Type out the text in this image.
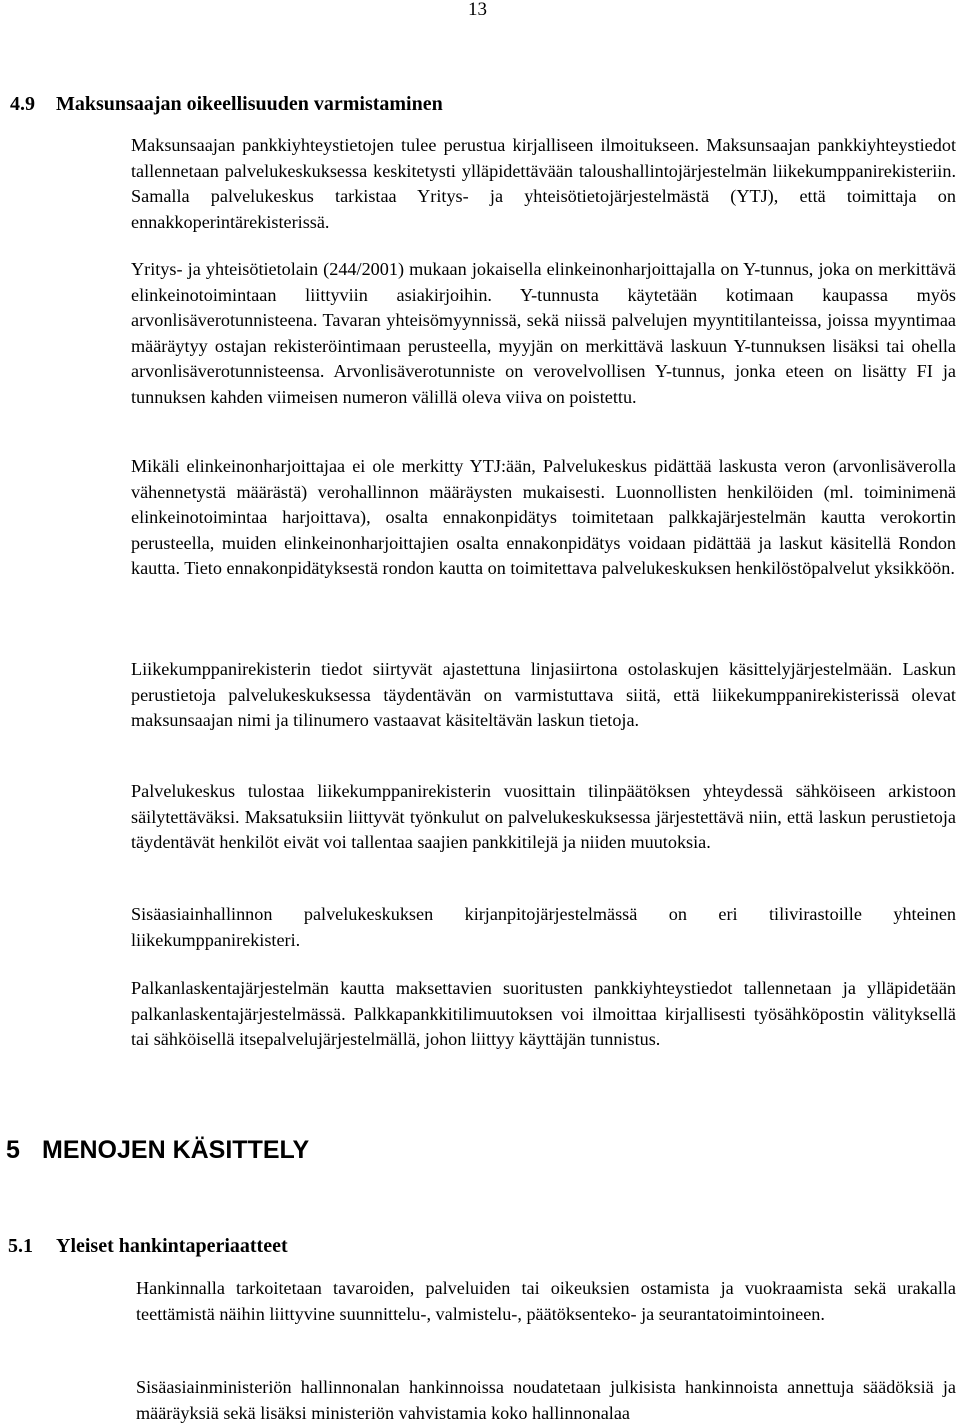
13
4.9 Maksunsaajan oikeellisuuden varmistaminen

Maksunsaajan pankkiyhteystietojen tulee perustua kirjalliseen ilmoitukseen. Maksunsaajan pankkiyhteystiedot tallennetaan palvelukeskuksessa keskitetysti ylläpidettävään taloushallintojärjestelmän liikekumppanirekisteriin. Samalla palvelukeskus tarkistaa Yritys- ja yhteisötietojärjestelmästä (YTJ), että toimittaja on ennakkoperintärekisterissä.

Yritys- ja yhteisötietolain (244/2001) mukaan jokaisella elinkeinonharjoittajalla on Y-tunnus, joka on merkittävä elinkeinotoimintaan liittyviin asiakirjoihin. Y-tunnusta käytetään kotimaan kaupassa myös arvonlisäverotunnisteena. Tavaran yhteisömyynnissä, sekä niissä palvelujen myyntitilanteissa, joissa myyntimaa määräytyy ostajan rekisteröintimaan perusteella, myyjän on merkittävä laskuun Y-tunnuksen lisäksi tai ohella arvonlisäverotunnisteensa. Arvonlisäverotunniste on verovelvollisen Y-tunnus, jonka eteen on lisätty FI ja tunnuksen kahden viimeisen numeron välillä oleva viiva on poistettu.

Mikäli elinkeinonharjoittajaa ei ole merkitty YTJ:ään, Palvelukeskus pidättää laskusta veron (arvonlisäverolla vähennetystä määrästä) verohallinnon määräysten mukaisesti. Luonnollisten henkilöiden (ml. toiminimenä elinkeinotoimintaa harjoittava), osalta ennakonpidätys toimitetaan palkkajärjestelmän kautta verokortin perusteella, muiden elinkeinonharjoittajien osalta ennakonpidätys voidaan pidättää ja laskut käsitellä Rondon kautta. Tieto ennakonpidätyksestä rondon kautta on toimitettava palvelukeskuksen henkilöstöpalvelut yksikköön.

Liikekumppanirekisterin tiedot siirtyvät ajastettuna linjasiirtona ostolaskujen käsittelyjärjestelmään. Laskun perustietoja palvelukeskuksessa täydentävän on varmistuttava siitä, että liikekumppanirekisterissä olevat maksunsaajan nimi ja tilinumero vastaavat käsiteltävän laskun tietoja.

Palvelukeskus tulostaa liikekumppanirekisterin vuosittain tilinpäätöksen yhteydessä sähköiseen arkistoon säilytettäväksi. Maksatuksiin liittyvät työnkulut on palvelukeskuksessa järjestettävä niin, että laskun perustietoja täydentävät henkilöt eivät voi tallentaa saajien pankkitilejä ja niiden muutoksia.

Sisäasiainhallinnon palvelukeskuksen kirjanpitojärjestelmässä on eri tilivirastoille yhteinen liikekumppanirekisteri.

Palkanlaskentajärjestelmän kautta maksettavien suoritusten pankkiyhteystiedot tallennetaan ja ylläpidetään palkanlaskentajärjestelmässä. Palkkapankkitilimuutoksen voi ilmoittaa kirjallisesti työsähköpostin välityksellä tai sähköisellä itsepalvelujärjestelmällä, johon liittyy käyttäjän tunnistus.

5 MENOJEN KÄSITTELY
5.1 Yleiset hankintaperiaatteet

Hankinnalla tarkoitetaan tavaroiden, palveluiden tai oikeuksien ostamista ja vuokraamista sekä urakalla teettämistä näihin liittyvine suunnittelu-, valmistelu-, päätöksenteko- ja seurantatoimintoineen.

Sisäasiainministeriön hallinnonalan hankinnoissa noudatetaan julkisista hankinnoista annettuja säädöksiä ja määräyksiä sekä lisäksi ministeriön vahvistamia koko hallinnonalaa
